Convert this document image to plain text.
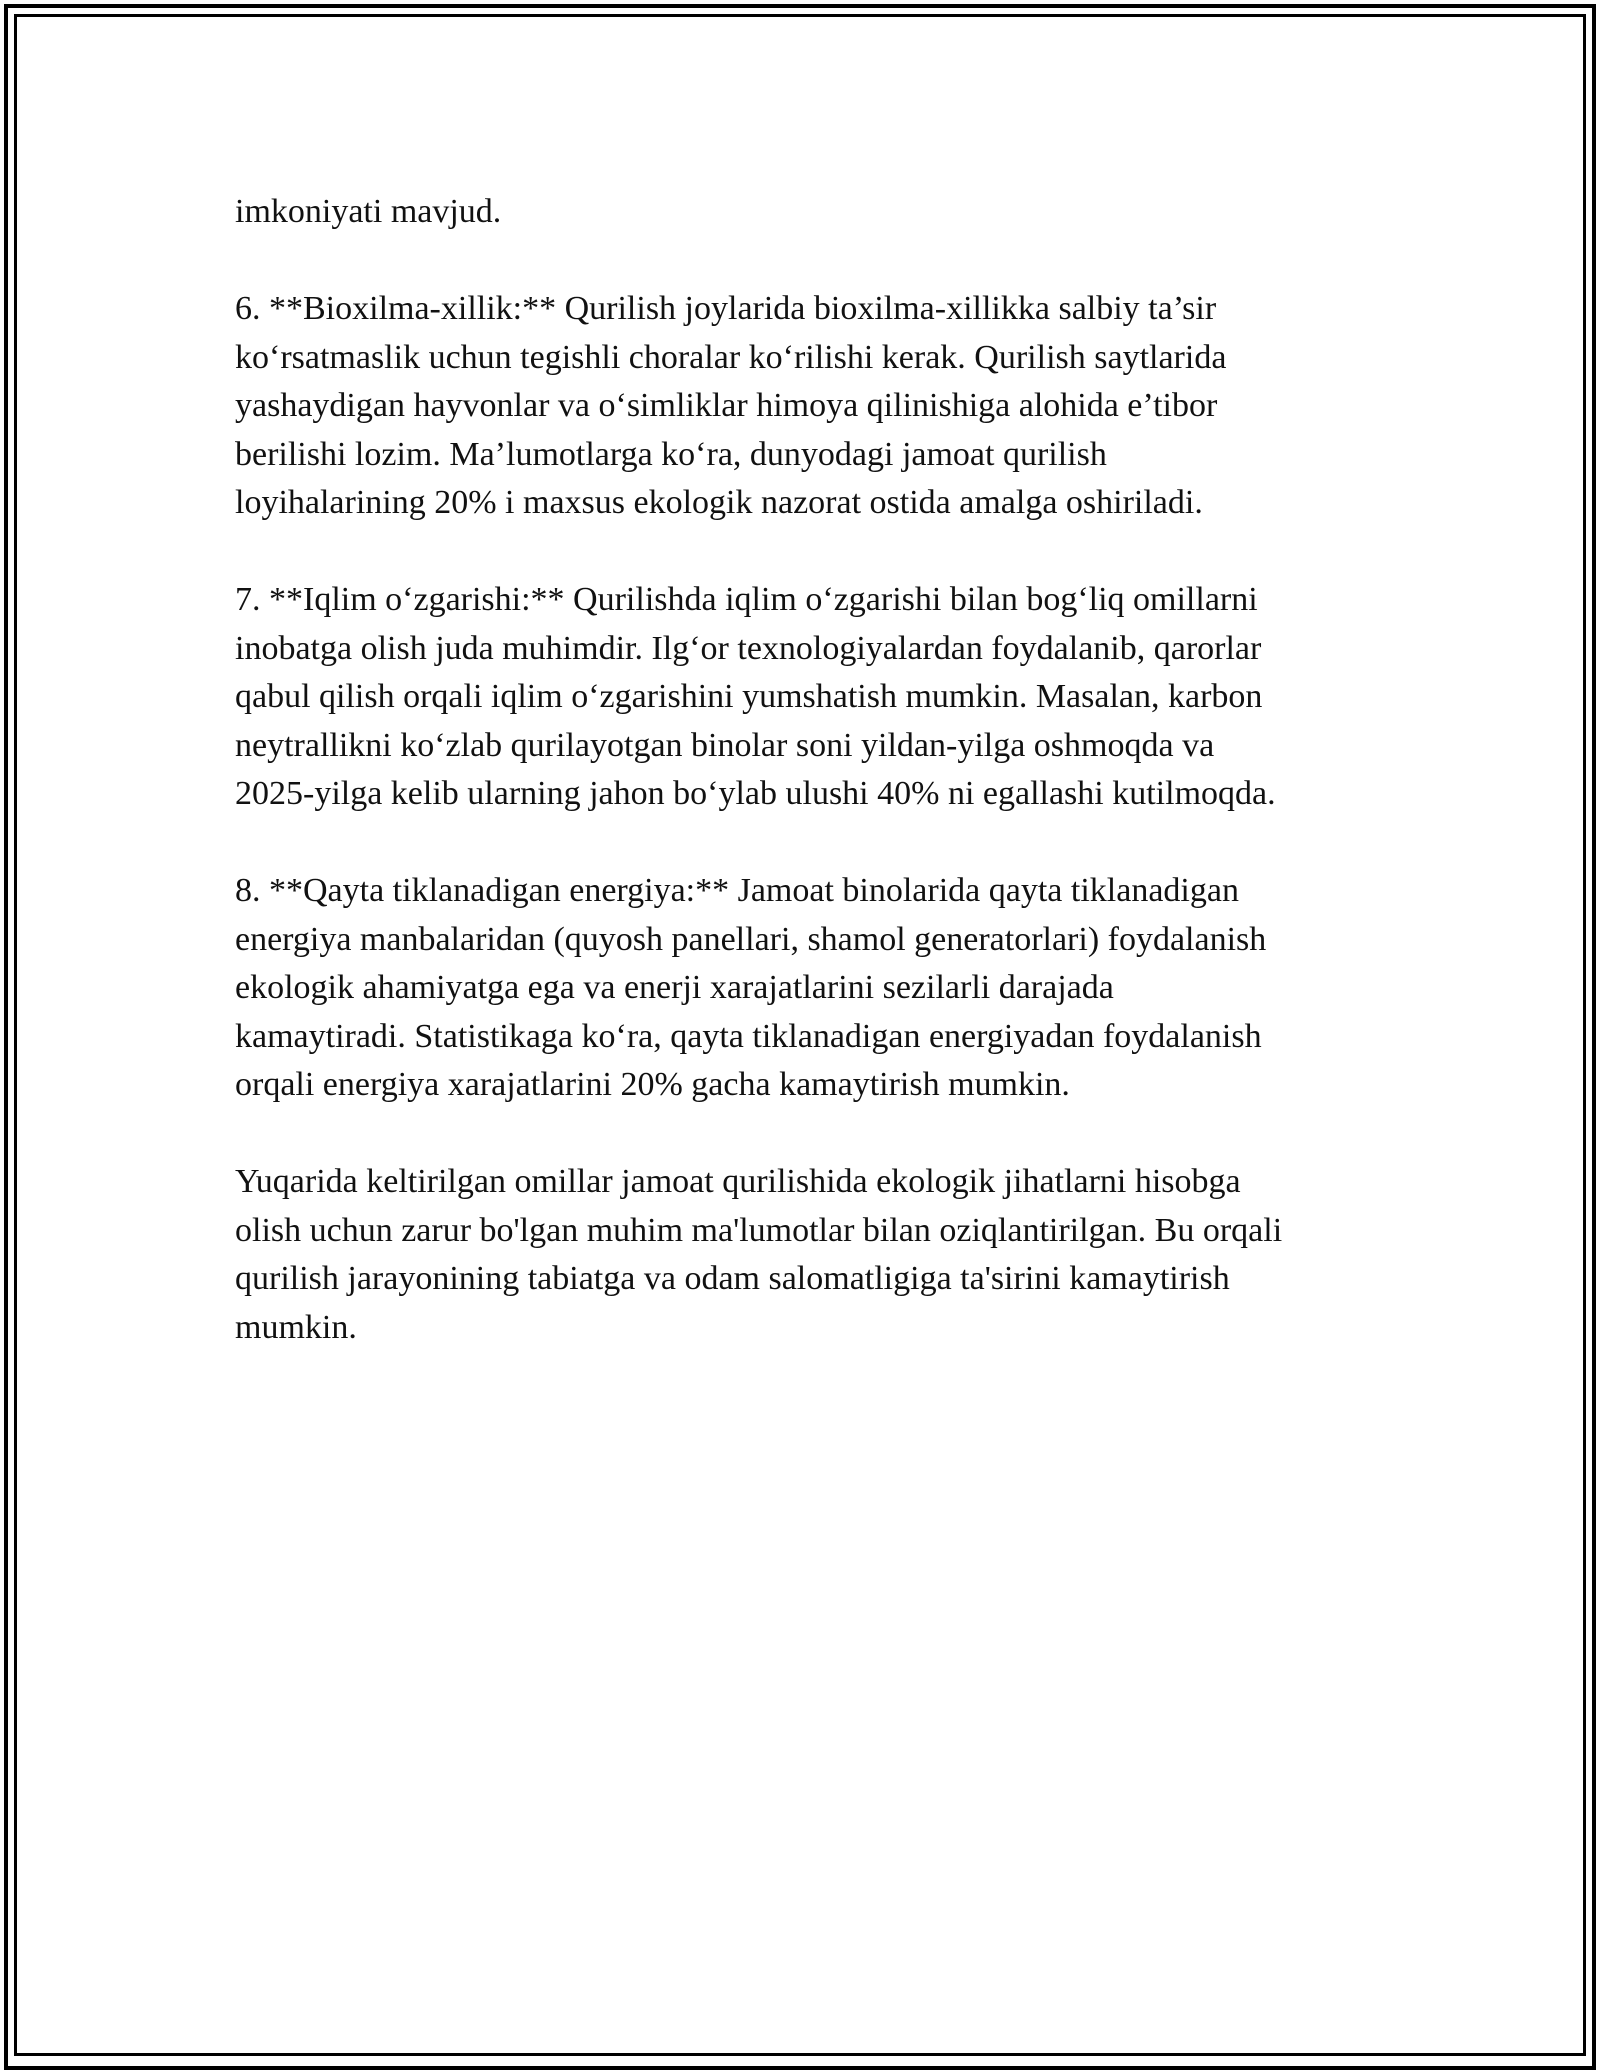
imkoniyati mavjud.

6. **Bioxilma-xillik:** Qurilish joylarida bioxilma-xillikka salbiy ta’sir
ko‘rsatmaslik uchun tegishli choralar ko‘rilishi kerak. Qurilish saytlarida
yashaydigan hayvonlar va o‘simliklar himoya qilinishiga alohida e’tibor
berilishi lozim. Ma’lumotlarga ko‘ra, dunyodagi jamoat qurilish
loyihalarining 20% i maxsus ekologik nazorat ostida amalga oshiriladi.

7. **Iqlim o‘zgarishi:** Qurilishda iqlim o‘zgarishi bilan bog‘liq omillarni
inobatga olish juda muhimdir. Ilg‘or texnologiyalardan foydalanib, qarorlar
qabul qilish orqali iqlim o‘zgarishini yumshatish mumkin. Masalan, karbon
neytrallikni ko‘zlab qurilayotgan binolar soni yildan-yilga oshmoqda va
2025-yilga kelib ularning jahon bo‘ylab ulushi 40% ni egallashi kutilmoqda.

8. **Qayta tiklanadigan energiya:** Jamoat binolarida qayta tiklanadigan
energiya manbalaridan (quyosh panellari, shamol generatorlari) foydalanish
ekologik ahamiyatga ega va enerji xarajatlarini sezilarli darajada
kamaytiradi. Statistikaga ko‘ra, qayta tiklanadigan energiyadan foydalanish
orqali energiya xarajatlarini 20% gacha kamaytirish mumkin.

Yuqarida keltirilgan omillar jamoat qurilishida ekologik jihatlarni hisobga
olish uchun zarur bo'lgan muhim ma'lumotlar bilan oziqlantirilgan. Bu orqali
qurilish jarayonining tabiatga va odam salomatligiga ta'sirini kamaytirish
mumkin.
